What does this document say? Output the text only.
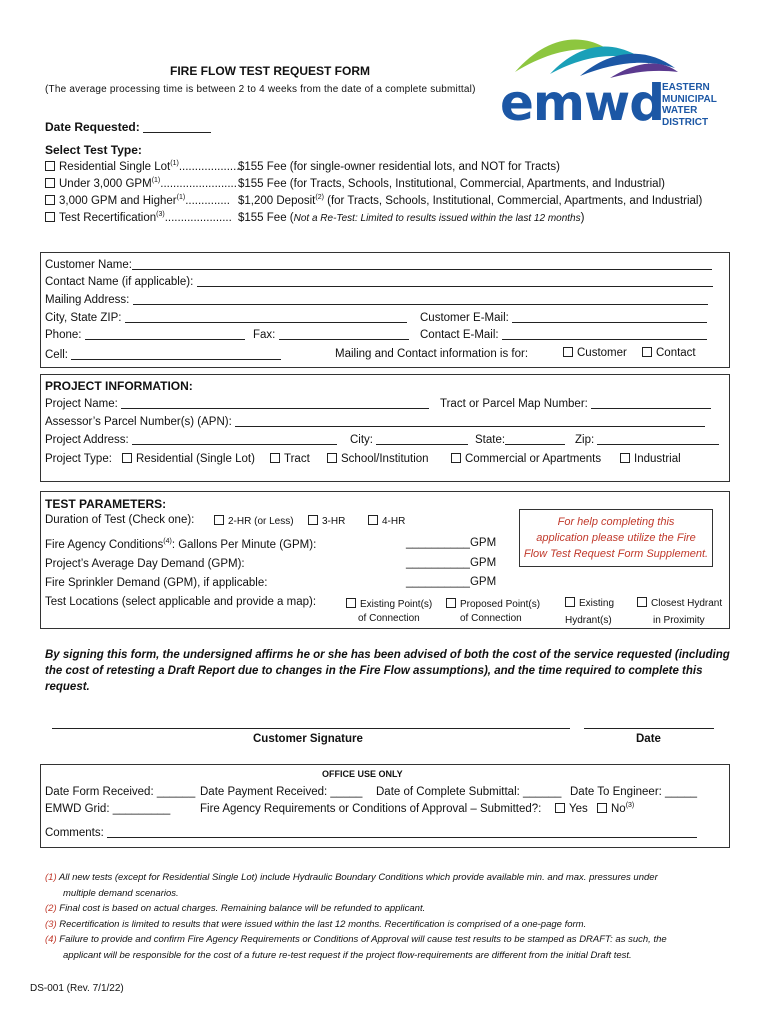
FIRE FLOW TEST REQUEST FORM
(The average processing time is between 2 to 4 weeks from the date of a complete submittal) emwd
EASTERN
MUNICIPAL
WATER
DISTRICT
Date Requested:
Select Test Type:
Residential Single Lot$^{(1)}$...................
$155 Fee (for single-owner residential lots, and NOT for Tracts)
Under 3,000 GPM$^{(1)}$........................ $155 Fee (for Tracts, Schools, Institutional, Commercial, Apartments, and Industrial)
3,000 GPM and Higher$^{(1)}$.............. $1,200 Deposit$^{(2)}$ (for Tracts, Schools, Institutional, Commercial, Apartments, and Industrial)
Test Recertification$^{(3)}$..................... $155 Fee (Not a Re-Test: Limited to results issued within the last 12 months)
Customer Name:
Contact Name (if applicable):
Mailing Address:
City, State ZIP:	Customer E-Mail:
Phone:	Fax:	Contact E-Mail:
Cell:	Mailing and Contact information is for:	Customer	Contact
PROJECT INFORMATION:
Project Name:	Tract or Parcel Map Number:
Assessor’s Parcel Number(s) (APN):
Project Address:	City:	State:	Zip:
Project Type:	Residential (Single Lot)	Tract	School/Institution	Commercial or Apartments	Industrial
TEST PARAMETERS:
Duration of Test (Check one):	2-HR (or Less)	3-HR	4-HR
Fire Agency Conditions$^{(4)}$: Gallons Per Minute (GPM):	__________GPM
Project’s Average Day Demand (GPM):	__________GPM
Fire Sprinkler Demand (GPM), if applicable:	__________GPM
Test Locations (select applicable and provide a map):	Existing Point(s)
of Connection
Proposed Point(s)
of Connection
Existing
Hydrant(s)
Closest Hydrant
in Proximity
For help completing this
application please utilize the Fire
Flow Test Request Form Supplement.
By signing this form, the undersigned affirms he or she has been advised of both the cost of the service requested (including the cost of retesting a Draft Report due to changes in the Fire Flow assumptions), and the time required to complete this request.
Customer Signature	Date
OFFICE USE ONLY
Date Form Received: ______ Date Payment Received: _____ Date of Complete Submittal: ______ Date To Engineer: _____
EMWD Grid: _________	Fire Agency Requirements or Conditions of Approval – Submitted?:	Yes	No$^{(3)}$
Comments:
(1) All new tests (except for Residential Single Lot) include Hydraulic Boundary Conditions which provide available min. and max. pressures under
multiple demand scenarios.
(2) Final cost is based on actual charges. Remaining balance will be refunded to applicant.
(3) Recertification is limited to results that were issued within the last 12 months. Recertification is comprised of a one-page form.
(4) Failure to provide and confirm Fire Agency Requirements or Conditions of Approval will cause test results to be stamped as DRAFT: as such, the
applicant will be responsible for the cost of a future re-test request if the project flow-requirements are different from the initial Draft test.
DS-001 (Rev. 7/1/22)
